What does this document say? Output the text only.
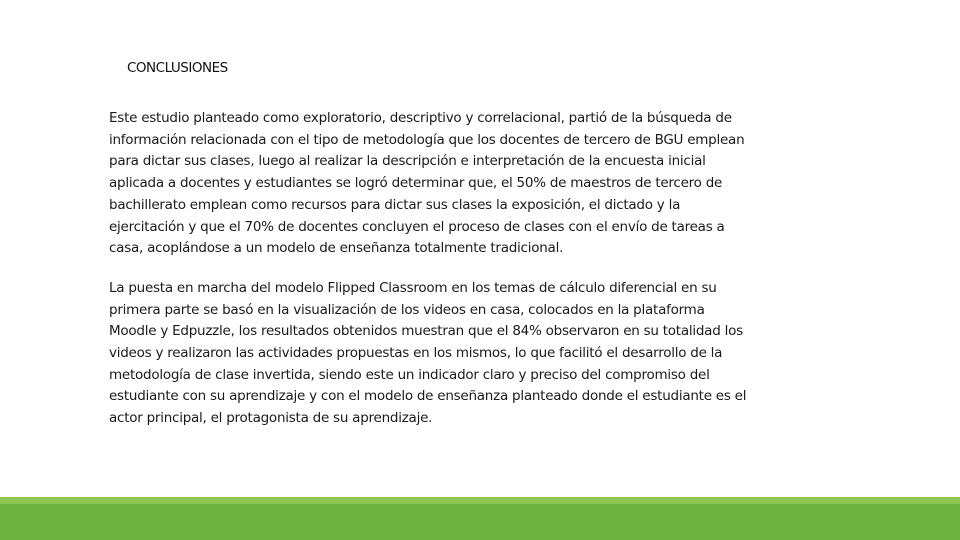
CONCLUSIONES

Este estudio planteado como exploratorio, descriptivo y correlacional, partió de la búsqueda de
información relacionada con el tipo de metodología que los docentes de tercero de BGU emplean
para dictar sus clases, luego al realizar la descripción e interpretación de la encuesta inicial
aplicada a docentes y estudiantes se logró determinar que, el 50% de maestros de tercero de
bachillerato emplean como recursos para dictar sus clases la exposición, el dictado y la
ejercitación y que el 70% de docentes concluyen el proceso de clases con el envío de tareas a
casa, acoplándose a un modelo de enseñanza totalmente tradicional.

La puesta en marcha del modelo Flipped Classroom en los temas de cálculo diferencial en su
primera parte se basó en la visualización de los videos en casa, colocados en la plataforma
Moodle y Edpuzzle, los resultados obtenidos muestran que el 84% observaron en su totalidad los
videos y realizaron las actividades propuestas en los mismos, lo que facilitó el desarrollo de la
metodología de clase invertida, siendo este un indicador claro y preciso del compromiso del
estudiante con su aprendizaje y con el modelo de enseñanza planteado donde el estudiante es el
actor principal, el protagonista de su aprendizaje.
